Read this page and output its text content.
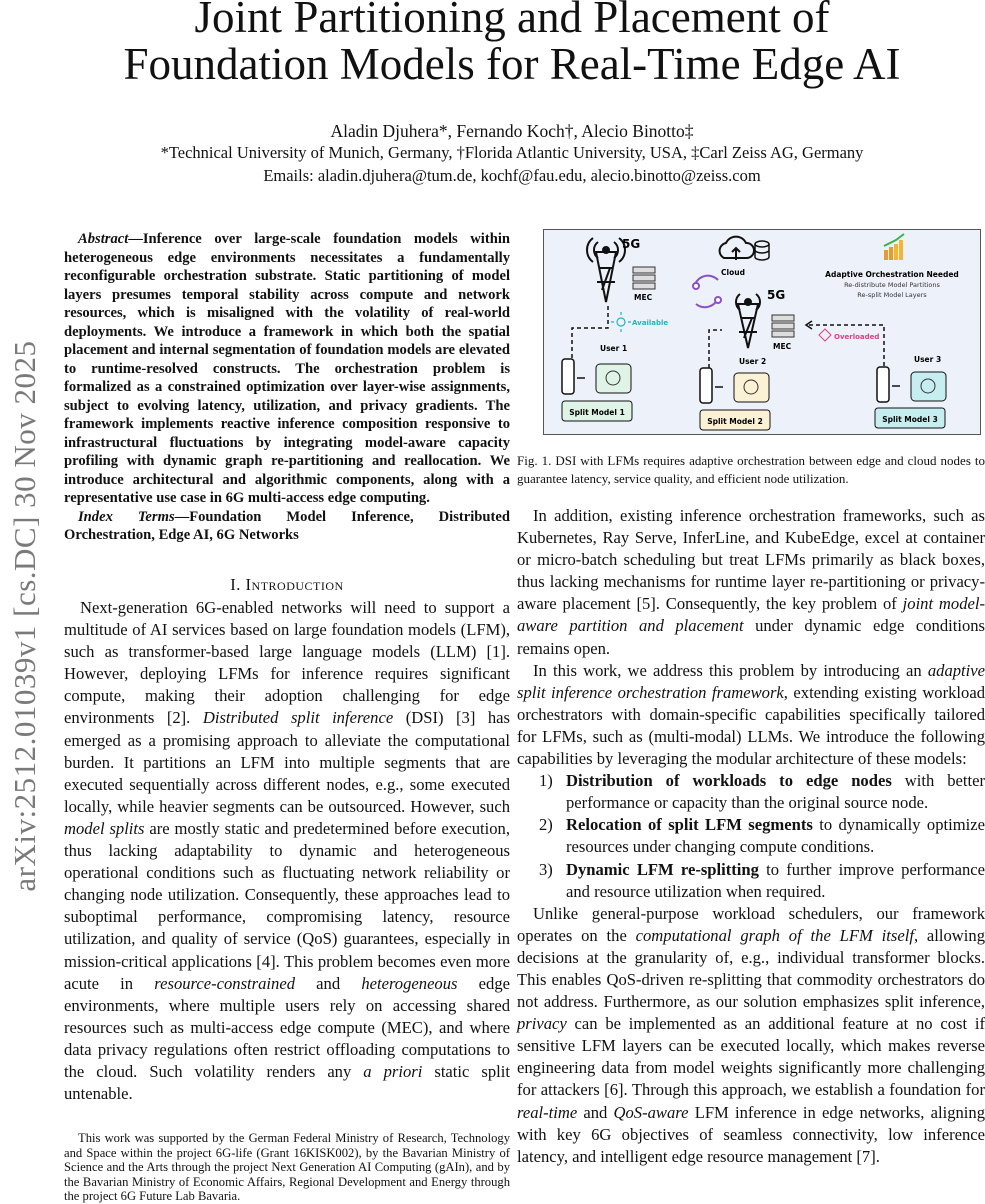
Joint Partitioning and Placement of
Foundation Models for Real-Time Edge AI
Aladin Djuhera*, Fernando Koch†, Alecio Binotto‡
*Technical University of Munich, Germany, †Florida Atlantic University, USA, ‡Carl Zeiss AG, Germany
Emails: aladin.djuhera@tum.de, kochf@fau.edu, alecio.binotto@zeiss.com
arXiv:2512.01039v1 [cs.DC] 30 Nov 2025

Abstract—Inference over large-scale foundation models within heterogeneous edge environments necessitates a fundamentally reconfigurable orchestration substrate. Static partitioning of model layers presumes temporal stability across compute and network resources, which is misaligned with the volatility of real-world deployments. We introduce a framework in which both the spatial placement and internal segmentation of foundation models are elevated to runtime-resolved constructs. The orchestration problem is formalized as a constrained optimization over layer-wise assignments, subject to evolving latency, utilization, and privacy gradients. The framework implements reactive inference composition responsive to infrastructural fluctuations by integrating model-aware capacity profiling with dynamic graph re-partitioning and reallocation. We introduce architectural and algorithmic components, along with a representative use case in 6G multi-access edge computing.

Index Terms—Foundation Model Inference, Distributed Orchestration, Edge AI, 6G Networks

I. Introduction

Next-generation 6G-enabled networks will need to support a multitude of AI services based on large foundation models (LFM), such as transformer-based large language models (LLM) [1]. However, deploying LFMs for inference requires significant compute, making their adoption challenging for edge environments [2]. Distributed split inference (DSI) [3] has emerged as a promising approach to alleviate the computational burden. It partitions an LFM into multiple segments that are executed sequentially across different nodes, e.g., some executed locally, while heavier segments can be outsourced. However, such model splits are mostly static and predetermined before execution, thus lacking adaptability to dynamic and heterogeneous operational conditions such as fluctuating network reliability or changing node utilization. Consequently, these approaches lead to suboptimal performance, compromising latency, resource utilization, and quality of service (QoS) guarantees, especially in mission-critical applications [4]. This problem becomes even more acute in resource-constrained and heterogeneous edge environments, where multiple users rely on accessing shared resources such as multi-access edge compute (MEC), and where data privacy regulations often restrict offloading computations to the cloud. Such volatility renders any a priori static split untenable.

This work was supported by the German Federal Ministry of Research, Technology and Space within the project 6G-life (Grant 16KISK002), by the Bavarian Ministry of Science and the Arts through the project Next Generation AI Computing (gAIn), and by the Bavarian Ministry of Economic Affairs, Regional Development and Energy through the project 6G Future Lab Bavaria.

5G
MEC
Available
User 1
Split Model 1
Cloud
5G
MEC
Overloaded
User 2
Split Model 2
User 3
Split Model 3
Adaptive Orchestration Needed
Re-distribute Model Partitions
Re-split Model Layers
Fig. 1. DSI with LFMs requires adaptive orchestration between edge and cloud nodes to guarantee latency, service quality, and efficient node utilization.

In addition, existing inference orchestration frameworks, such as Kubernetes, Ray Serve, InferLine, and KubeEdge, excel at container or micro-batch scheduling but treat LFMs primarily as black boxes, thus lacking mechanisms for runtime layer re-partitioning or privacy-aware placement [5]. Consequently, the key problem of joint model-aware partition and placement under dynamic edge conditions remains open.

In this work, we address this problem by introducing an adaptive split inference orchestration framework, extending existing workload orchestrators with domain-specific capabilities specifically tailored for LFMs, such as (multi-modal) LLMs. We introduce the following capabilities by leveraging the modular architecture of these models:

1) Distribution of workloads to edge nodes with better performance or capacity than the original source node.
2) Relocation of split LFM segments to dynamically optimize resources under changing compute conditions.
3) Dynamic LFM re-splitting to further improve performance and resource utilization when required.

Unlike general-purpose workload schedulers, our framework operates on the computational graph of the LFM itself, allowing decisions at the granularity of, e.g., individual transformer blocks. This enables QoS-driven re-splitting that commodity orchestrators do not address. Furthermore, as our solution emphasizes split inference, privacy can be implemented as an additional feature at no cost if sensitive LFM layers can be executed locally, which makes reverse engineering data from model weights significantly more challenging for attackers [6]. Through this approach, we establish a foundation for real-time and QoS-aware LFM inference in edge networks, aligning with key 6G objectives of seamless connectivity, low inference latency, and intelligent edge resource management [7].
